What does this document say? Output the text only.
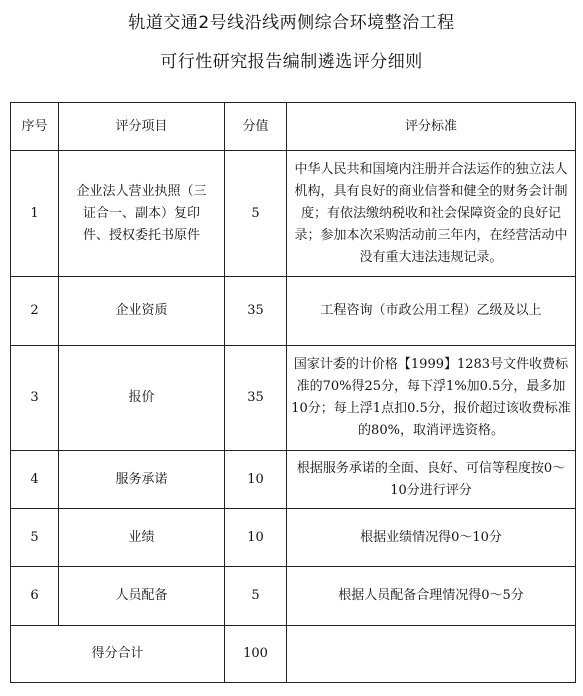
轨道交通2号线沿线两侧综合环境整治工程
可行性研究报告编制遴选评分细则
序号	评分项目	分值	评分标准
1	企业法人营业执照（三证合一、副本）复印件、授权委托书原件	5	中华人民共和国境内注册并合法运作的独立法人机构，具有良好的商业信誉和健全的财务会计制度；有依法缴纳税收和社会保障资金的良好记录；参加本次采购活动前三年内，在经营活动中没有重大违法违规记录。
2	企业资质	35	工程咨询（市政公用工程）乙级及以上
3	报价	35	国家计委的计价格【1999】1283号文件收费标准的70%得25分，每下浮1%加0.5分，最多加10分；每上浮1点扣0.5分，报价超过该收费标准的80%，取消评选资格。
4	服务承诺	10	根据服务承诺的全面、良好、可信等程度按0～10分进行评分
5	业绩	10	根据业绩情况得0～10分
6	人员配备	5	根据人员配备合理情况得0～5分
得分合计		100	
